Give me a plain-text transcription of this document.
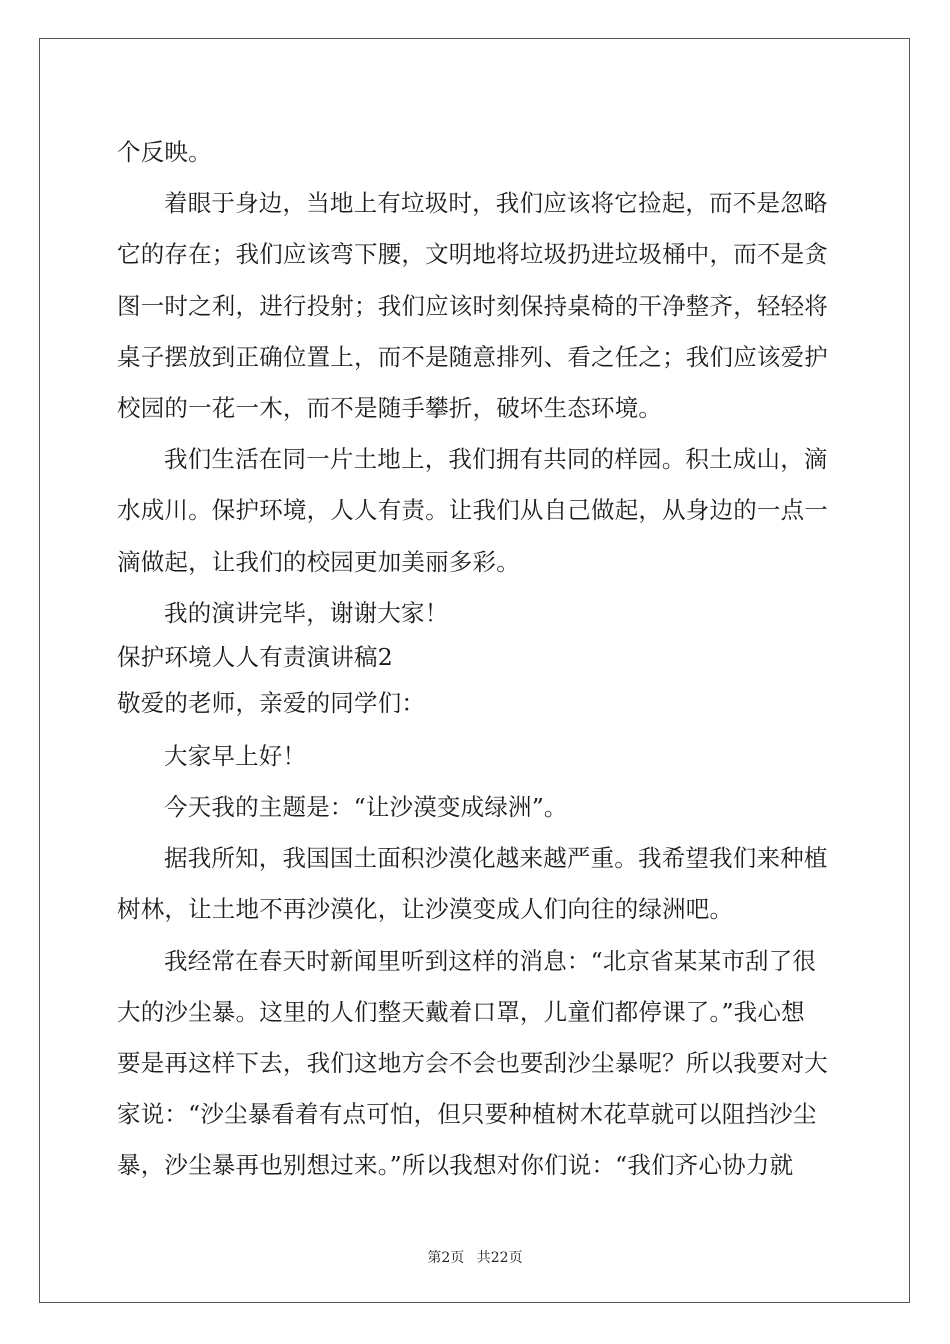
个反映。
着眼于身边，当地上有垃圾时，我们应该将它捡起，而不是忽略
它的存在；我们应该弯下腰，文明地将垃圾扔进垃圾桶中，而不是贪
图一时之利，进行投射；我们应该时刻保持桌椅的干净整齐，轻轻将
桌子摆放到正确位置上，而不是随意排列、看之任之；我们应该爱护
校园的一花一木，而不是随手攀折，破坏生态环境。
我们生活在同一片土地上，我们拥有共同的样园。积土成山，滴
水成川。保护环境，人人有责。让我们从自己做起，从身边的一点一
滴做起，让我们的校园更加美丽多彩。
我的演讲完毕，谢谢大家！
保护环境人人有责演讲稿2
敬爱的老师，亲爱的同学们：
大家早上好！
今天我的主题是：“让沙漠变成绿洲”。
据我所知，我国国土面积沙漠化越来越严重。我希望我们来种植
树林，让土地不再沙漠化，让沙漠变成人们向往的绿洲吧。
我经常在春天时新闻里听到这样的消息：“北京省某某市刮了很
大的沙尘暴。这里的人们整天戴着口罩，儿童们都停课了。”我心想
要是再这样下去，我们这地方会不会也要刮沙尘暴呢？所以我要对大
家说：“沙尘暴看着有点可怕，但只要种植树木花草就可以阻挡沙尘
暴，沙尘暴再也别想过来。”所以我想对你们说：“我们齐心协力就
第2页 共22页
